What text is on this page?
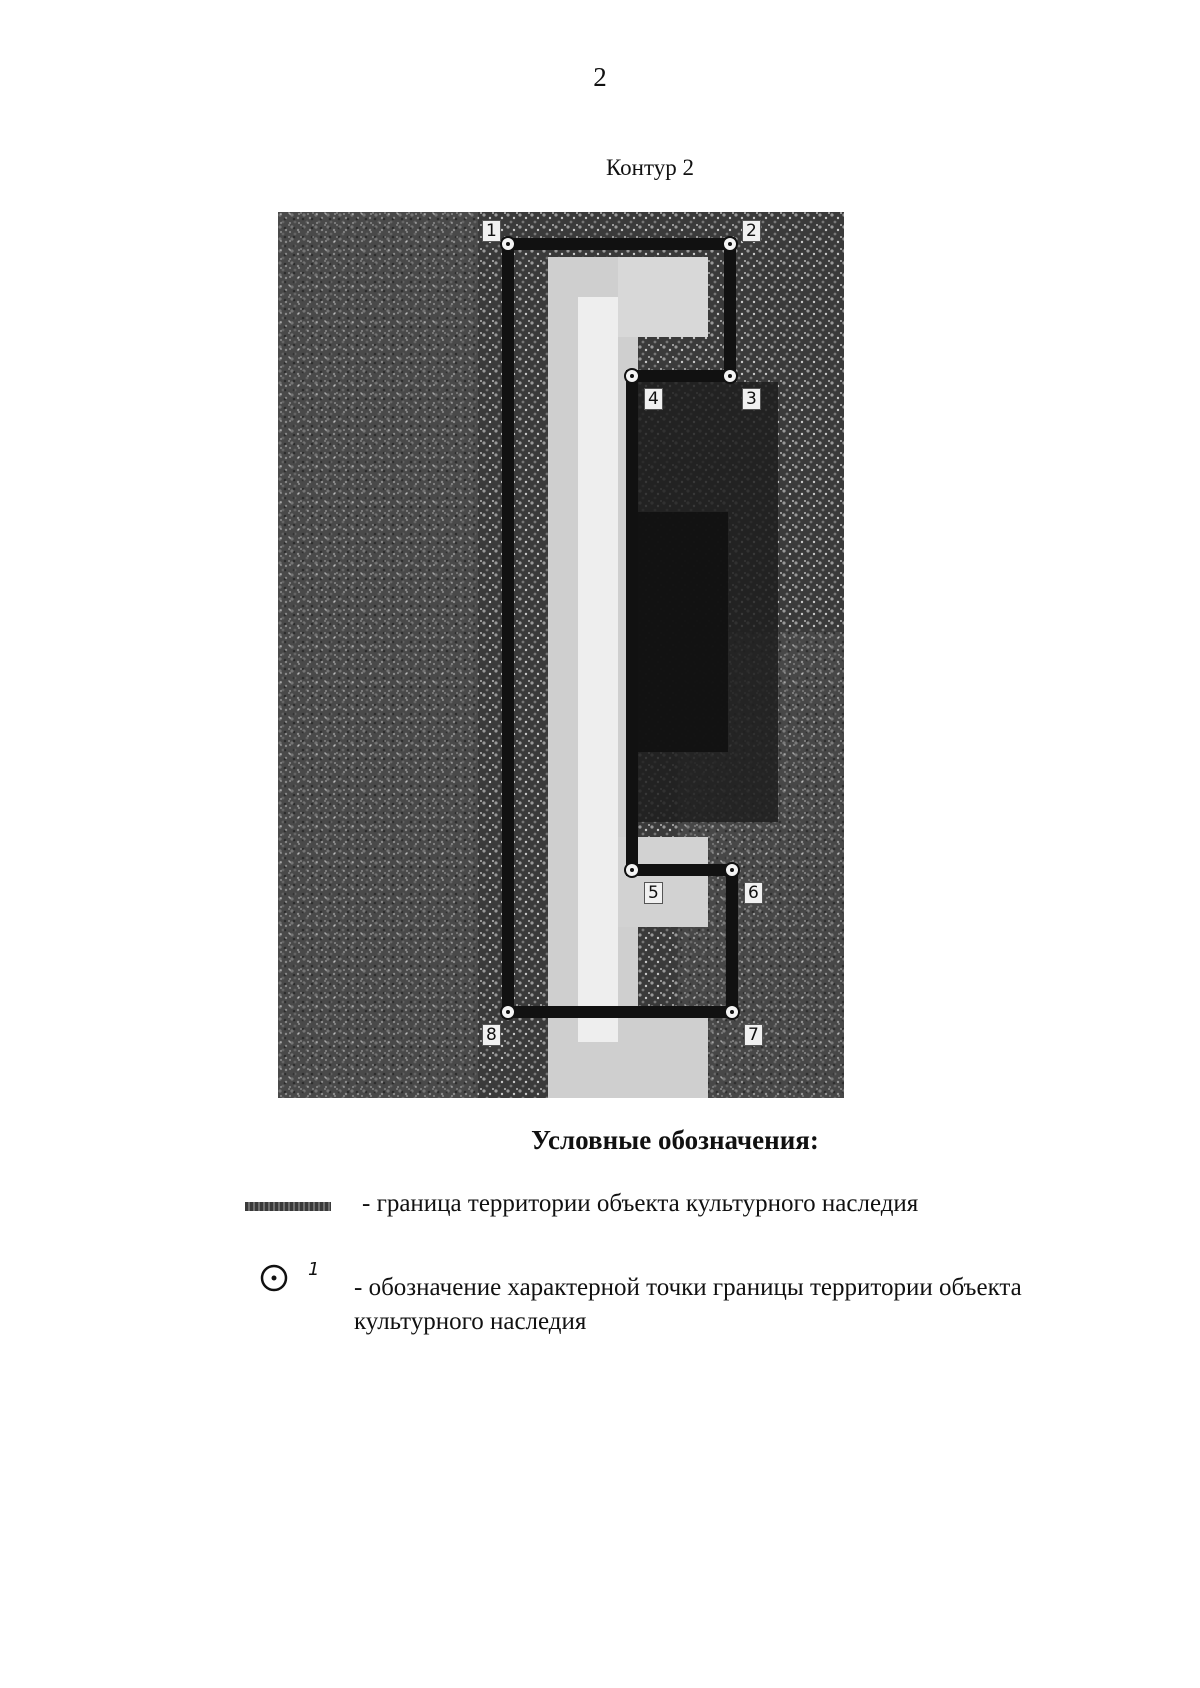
2
Контур 2
1	2
3
4
5	6
7
8
Условные обозначения:
- граница территории объекта культурного наследия
1
- обозначение характерной точки границы территории объекта культурного наследия
